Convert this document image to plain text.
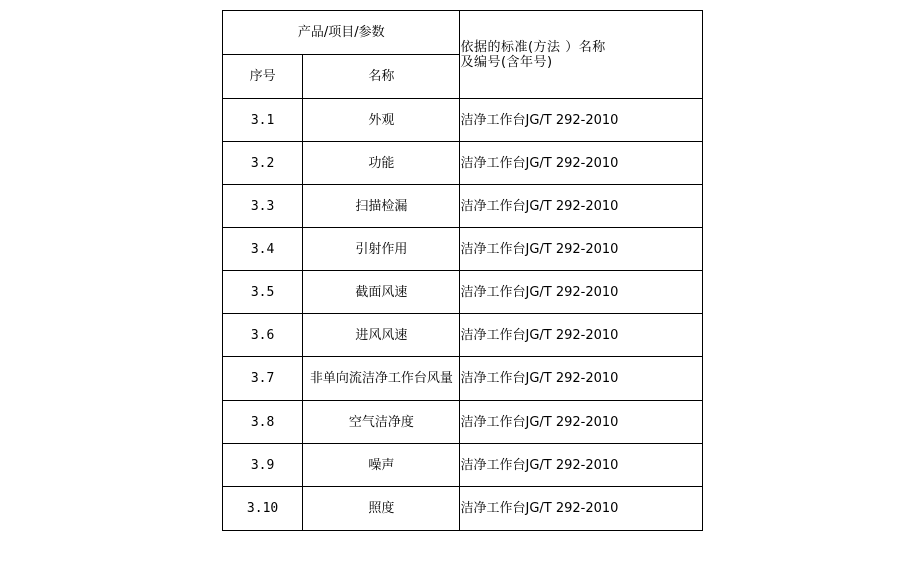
产品/项目/参数		依据的标准(方法 ）名称
及编号(含年号)

序号	名称	
3.1	外观	洁净工作台JG/T 292-2010
3.2	功能	洁净工作台JG/T 292-2010
3.3	扫描检漏	洁净工作台JG/T 292-2010
3.4	引射作用	洁净工作台JG/T 292-2010
3.5	截面风速	洁净工作台JG/T 292-2010
3.6	进风风速	洁净工作台JG/T 292-2010
3.7	非单向流洁净工作台风量	洁净工作台JG/T 292-2010
3.8	空气洁净度	洁净工作台JG/T 292-2010
3.9	噪声	洁净工作台JG/T 292-2010
3.10	照度	洁净工作台JG/T 292-2010
